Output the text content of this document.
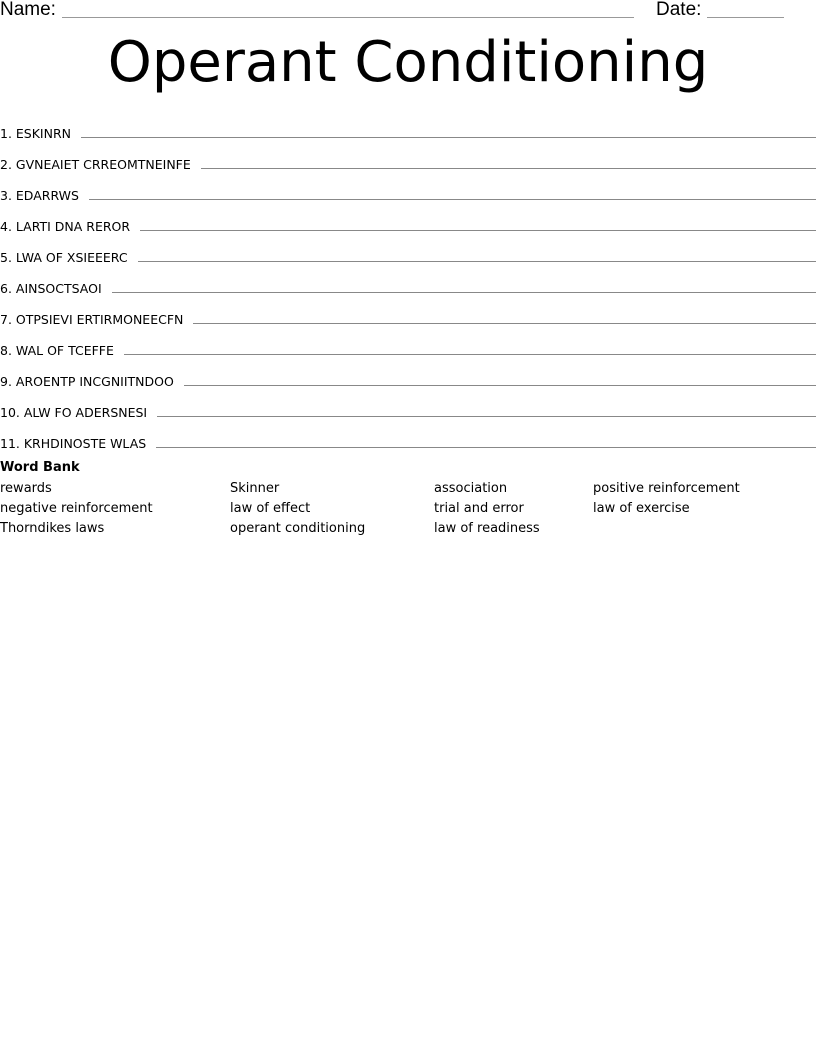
Name:	Date:
Operant Conditioning
1. ESKINRN
2. GVNEAIET CRREOMTNEINFE
3. EDARRWS
4. LARTI DNA REROR
5. LWA OF XSIEEERC
6. AINSOCTSAOI
7. OTPSIEVI ERTIRMONEECFN
8. WAL OF TCEFFE
9. AROENTP INCGNIITNDOO
10. ALW FO ADERSNESI
11. KRHDINOSTE WLAS
Word Bank
rewards	Skinner	association	positive reinforcement
negative reinforcement	law of effect	trial and error	law of exercise
Thorndikes laws	operant conditioning	law of readiness
